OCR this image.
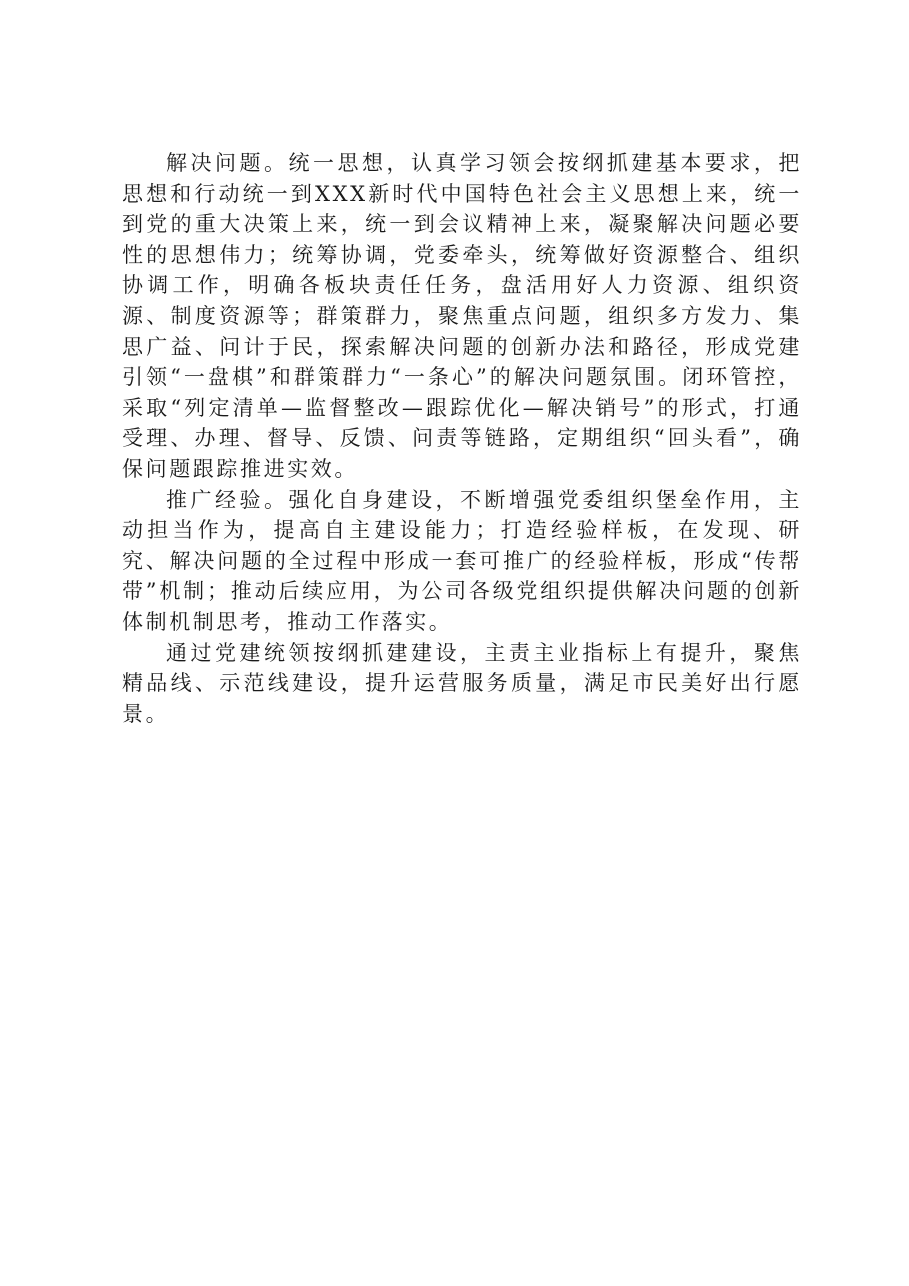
解决问题。统一思想，认真学习领会按纲抓建基本要求，把思想和行动统一到XXX新时代中国特色社会主义思想上来，统一到党的重大决策上来，统一到会议精神上来，凝聚解决问题必要性的思想伟力；统筹协调，党委牵头，统筹做好资源整合、组织协调工作，明确各板块责任任务，盘活用好人力资源、组织资源、制度资源等；群策群力，聚焦重点问题，组织多方发力、集思广益、问计于民，探索解决问题的创新办法和路径，形成党建引领“一盘棋”和群策群力“一条心”的解决问题氛围。闭环管控，采取“列定清单—监督整改—跟踪优化—解决销号”的形式，打通受理、办理、督导、反馈、问责等链路，定期组织“回头看”，确保问题跟踪推进实效。

推广经验。强化自身建设，不断增强党委组织堡垒作用，主动担当作为，提高自主建设能力；打造经验样板，在发现、研究、解决问题的全过程中形成一套可推广的经验样板，形成“传帮带”机制；推动后续应用，为公司各级党组织提供解决问题的创新体制机制思考，推动工作落实。

通过党建统领按纲抓建建设，主责主业指标上有提升，聚焦精品线、示范线建设，提升运营服务质量，满足市民美好出行愿景。
